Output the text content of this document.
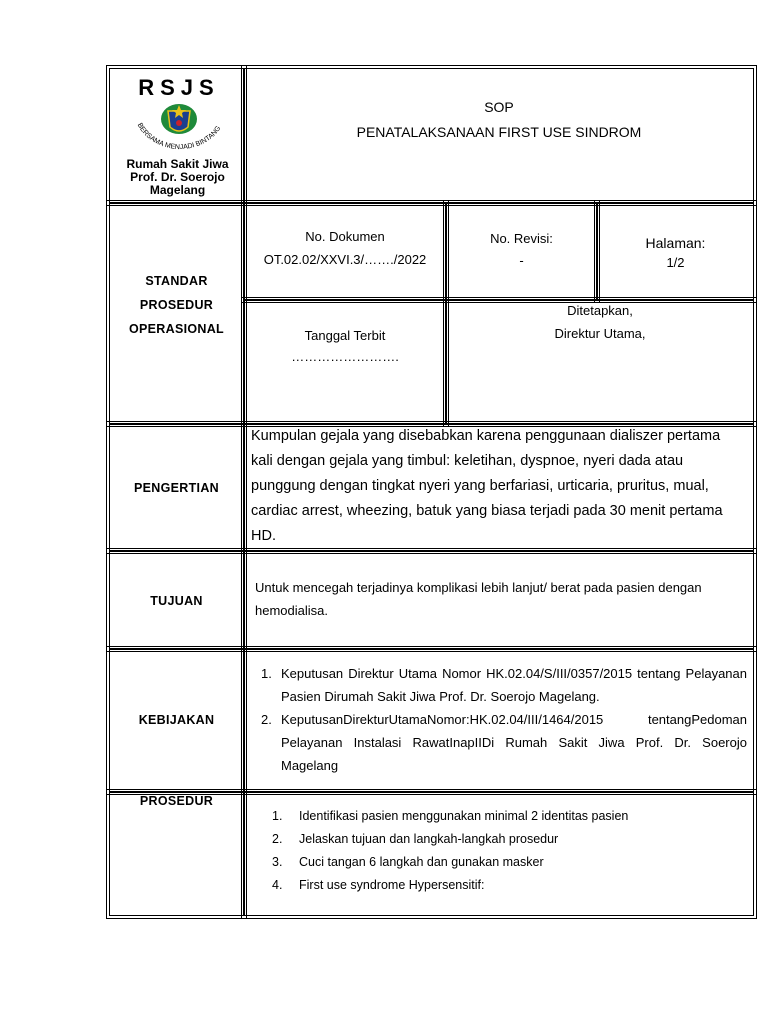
RSJS
BERSAMA MENJADI BINTANG
Rumah Sakit Jiwa
Prof. Dr. Soerojo
Magelang
SOP
PENATALAKSANAAN FIRST USE SINDROM
STANDAR
PROSEDUR
OPERASIONAL
No. Dokumen
OT.02.02/XXVI.3/……./2022
No. Revisi:
-
Halaman:
1/2
Tanggal Terbit
…………………….
Ditetapkan,
Direktur Utama,
PENGERTIAN
Kumpulan gejala yang disebabkan karena penggunaan dialiszer pertama kali dengan gejala yang timbul: keletihan, dyspnoe, nyeri dada atau punggung dengan tingkat nyeri yang berfariasi, urticaria, pruritus, mual, cardiac arrest, wheezing, batuk yang biasa terjadi pada 30 menit pertama HD.
TUJUAN
Untuk mencegah terjadinya komplikasi lebih lanjut/ berat pada pasien dengan hemodialisa.
KEBIJAKAN
1. Keputusan Direktur Utama Nomor HK.02.04/S/III/0357/2015 tentang Pelayanan Pasien Dirumah Sakit Jiwa Prof. Dr. Soerojo Magelang.
2. KeputusanDirekturUtamaNomor:HK.02.04/III/1464/2015 tentangPedoman Pelayanan Instalasi RawatInapIIDi Rumah Sakit Jiwa Prof. Dr. Soerojo Magelang
PROSEDUR
1. Identifikasi pasien menggunakan minimal 2 identitas pasien
2. Jelaskan tujuan dan langkah-langkah prosedur
3. Cuci tangan 6 langkah dan gunakan masker
4. First use syndrome Hypersensitif:
